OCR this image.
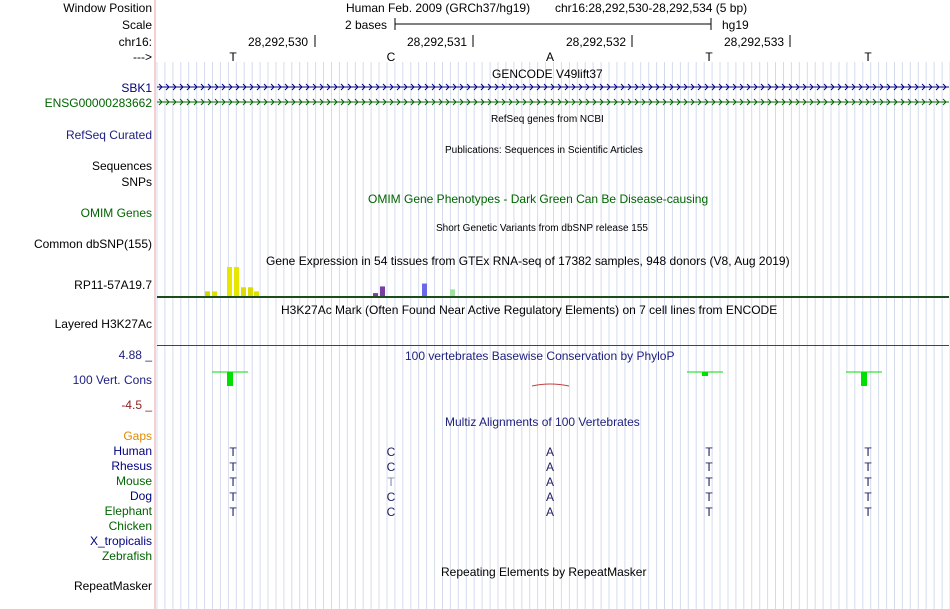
Window Position
Scale
chr16:
--->
Human Feb. 2009 (GRCh37/hg19) chr16:28,292,530-28,292,534 (5 bp)
2 bases	hg19
28,292,530	28,292,531	28,292,532	28,292,533
T	C	A	T	T
GENCODE V49lift37
SBK1
ENSG00000283662
RefSeq genes from NCBI
RefSeq Curated
Publications: Sequences in Scientific Articles
Sequences
SNPs
OMIM Gene Phenotypes - Dark Green Can Be Disease-causing
OMIM Genes
Short Genetic Variants from dbSNP release 155
Common dbSNP(155)
Gene Expression in 54 tissues from GTEx RNA-seq of 17382 samples, 948 donors (V8, Aug 2019)
RP11-57A19.7
H3K27Ac Mark (Often Found Near Active Regulatory Elements) on 7 cell lines from ENCODE
Layered H3K27Ac
4.88 _	100 vertebrates Basewise Conservation by PhyloP
100 Vert. Cons
-4.5 _
Multiz Alignments of 100 Vertebrates
Gaps
Human	T	C	A	T	T
Rhesus	T	C	A	T	T
Mouse	T	T	A	T	T
Dog	T	C	A	T	T
Elephant	T	C	A	T	T
Chicken
X_tropicalis
Zebrafish
Repeating Elements by RepeatMasker
RepeatMasker
